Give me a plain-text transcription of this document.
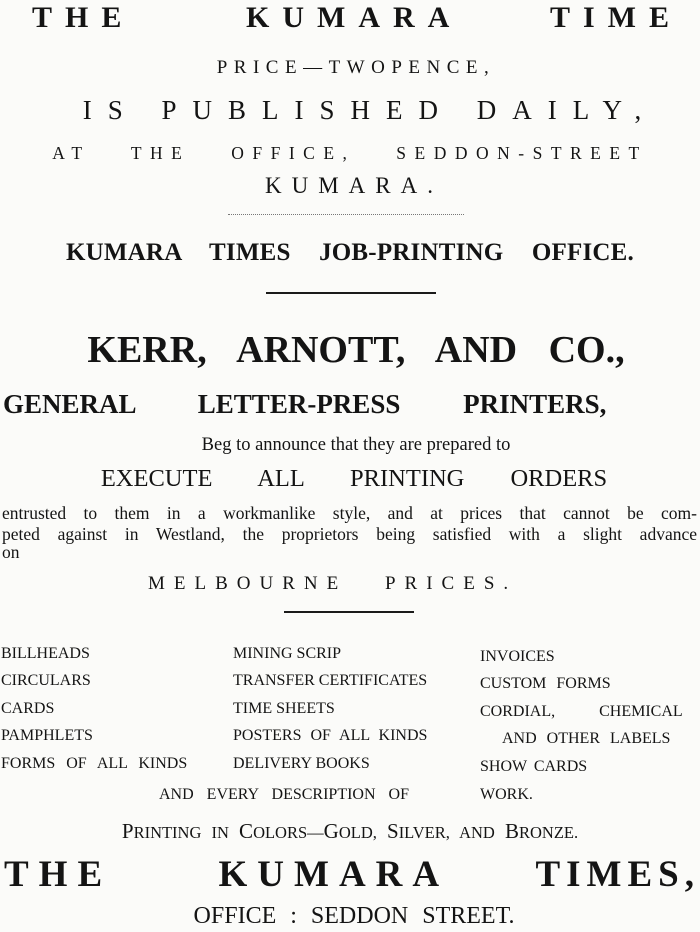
THE	KUMARA	TIME
PRICE—TWOPENCE,
IS PUBLISHED DAILY,
AT THE OFFICE, SEDDON-STREET
KUMARA.
KUMARA TIMES JOB-PRINTING OFFICE.
KERR, ARNOTT, AND CO.,
GENERAL LETTER-PRESS PRINTERS,
Beg to announce that they are prepared to
EXECUTE ALL PRINTING ORDERS
entrusted to them in a workmanlike style, and at prices that cannot be com-
peted against in Westland, the proprietors being satisfied with a slight advance
on
MELBOURNE PRICES.
BILLHEADS
CIRCULARS
CARDS
PAMPHLETS
FORMS OF ALL KINDS
MINING SCRIP
TRANSFER CERTIFICATES
TIME SHEETS
POSTERS OF ALL KINDS
DELIVERY BOOKS
INVOICES
CUSTOM FORMS
CORDIAL, CHEMICAL
AND OTHER LABELS
SHOW CARDS
AND EVERY DESCRIPTION OF	WORK.
PRINTING IN COLORS—GOLD, SILVER, AND BRONZE.
THE	KUMARA TIMES,
OFFICE : SEDDON STREET.
